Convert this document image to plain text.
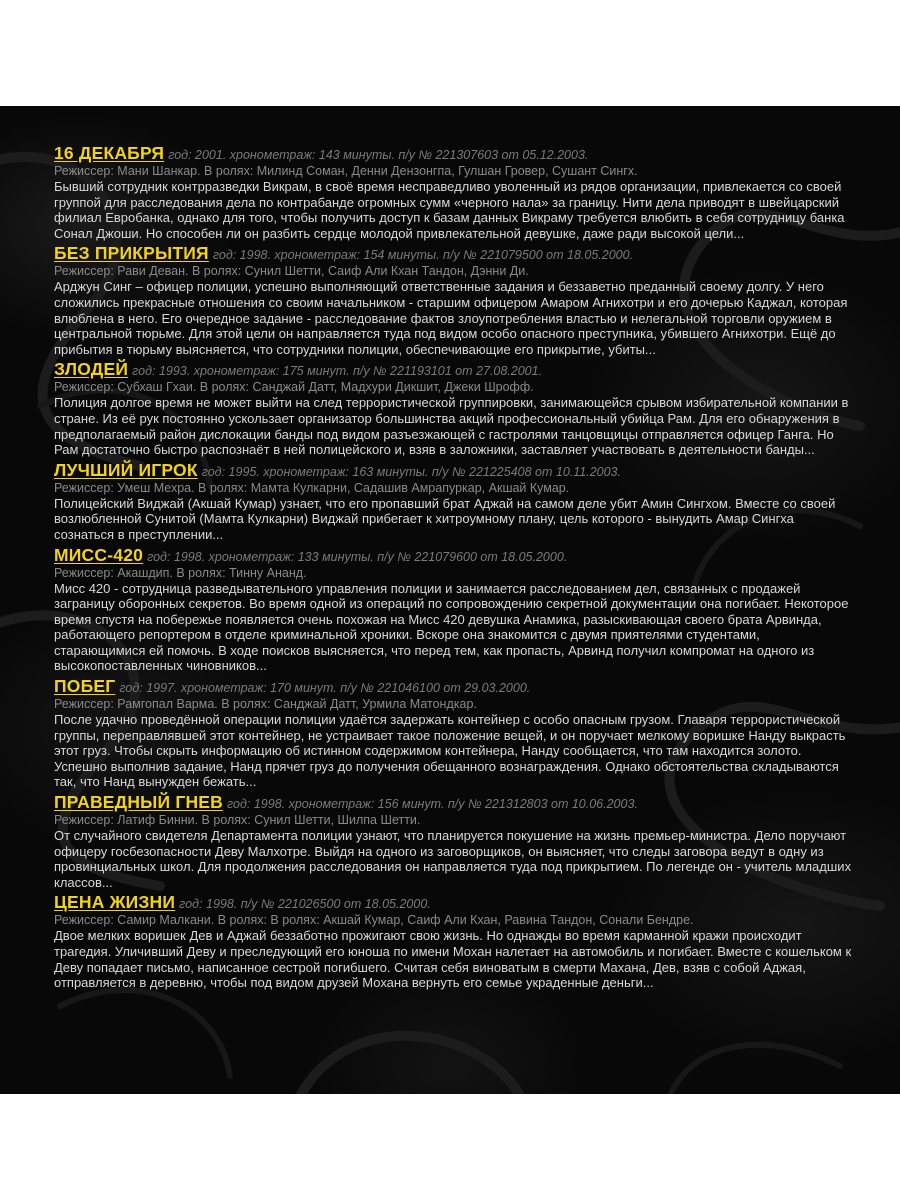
16 ДЕКАБРЯ год: 2001. хронометраж: 143 минуты. п/у № 221307603 от 05.12.2003.
Режиссер: Мани Шанкар. В ролях: Милинд Соман, Денни Дензонгпа, Гулшан Гровер, Сушант Сингх.

Бывший сотрудник контрразведки Викрам, в своё время несправедливо уволенный из рядов организации, привлекается со своей группой для расследования дела по контрабанде огромных сумм «черного нала» за границу. Нити дела приводят в швейцарский филиал Евробанка, однако для того, чтобы получить доступ к базам данных Викраму требуется влюбить в себя сотрудницу банка Сонал Джоши. Но способен ли он разбить сердце молодой привлекательной девушке, даже ради высокой цели...

БЕЗ ПРИКРЫТИЯ год: 1998. хронометраж: 154 минуты. п/у № 221079500 от 18.05.2000.
Режиссер: Рави Деван. В ролях: Сунил Шетти, Саиф Али Кхан Тандон, Дэнни Ди.

Арджун Синг – офицер полиции, успешно выполняющий ответственные задания и беззаветно преданный своему долгу. У него сложились прекрасные отношения со своим начальником - старшим офицером Амаром Агнихотри и его дочерью Каджал, которая влюблена в него. Его очередное задание - расследование фактов злоупотребления властью и нелегальной торговли оружием в центральной тюрьме. Для этой цели он направляется туда под видом особо опасного преступника, убившего Агнихотри. Ещё до прибытия в тюрьму выясняется, что сотрудники полиции, обеспечивающие его прикрытие, убиты...

ЗЛОДЕЙ год: 1993. хронометраж: 175 минут. п/у № 221193101 от 27.08.2001.
Режиссер: Субхаш Гхаи. В ролях: Санджай Датт, Мадхури Дикшит, Джеки Шрофф.

Полиция долгое время не может выйти на след террористической группировки, занимающейся срывом избирательной компании в стране. Из её рук постоянно ускользает организатор большинства акций профессиональный убийца Рам. Для его обнаружения в предполагаемый район дислокации банды под видом разъезжающей с гастролями танцовщицы отправляется офицер Ганга. Но Рам достаточно быстро распознаёт в ней полицейского и, взяв в заложники, заставляет участвовать в деятельности банды...

ЛУЧШИЙ ИГРОК год: 1995. хронометраж: 163 минуты. п/у № 221225408 от 10.11.2003.
Режиссер: Умеш Мехра. В ролях: Мамта Кулкарни, Садашив Амрапуркар, Акшай Кумар.

Полицейский Виджай (Акшай Кумар) узнает, что его пропавший брат Аджай на самом деле убит Амин Сингхом. Вместе со своей возлюбленной Сунитой (Мамта Кулкарни) Виджай прибегает к хитроумному плану, цель которого - вынудить Амар Сингха сознаться в преступлении...

МИСС-420 год: 1998. хронометраж: 133 минуты. п/у № 221079600 от 18.05.2000.
Режиссер: Акашдип. В ролях: Тинну Ананд.

Мисс 420 - сотрудница разведывательного управления полиции и занимается расследованием дел, связанных с продажей заграницу оборонных секретов. Во время одной из операций по сопровождению секретной документации она погибает. Некоторое время спустя на побережье появляется очень похожая на Мисс 420 девушка Анамика, разыскивающая своего брата Арвинда, работающего репортером в отделе криминальной хроники. Вскоре она знакомится с двумя приятелями студентами, старающимися ей помочь. В ходе поисков выясняется, что перед тем, как пропасть, Арвинд получил компромат на одного из высокопоставленных чиновников...

ПОБЕГ год: 1997. хронометраж: 170 минут. п/у № 221046100 от 29.03.2000.
Режиссер: Рамгопал Варма. В ролях: Санджай Датт, Урмила Матондкар.

После удачно проведённой операции полиции удаётся задержать контейнер с особо опасным грузом. Главаря террористической группы, переправлявшей этот контейнер, не устраивает такое положение вещей, и он поручает мелкому воришке Нанду выкрасть этот груз. Чтобы скрыть информацию об истинном содержимом контейнера, Нанду сообщается, что там находится золото. Успешно выполнив задание, Нанд прячет груз до получения обещанного вознаграждения. Однако обстоятельства складываются так, что Нанд вынужден бежать...

ПРАВЕДНЫЙ ГНЕВ год: 1998. хронометраж: 156 минут. п/у № 221312803 от 10.06.2003.
Режиссер: Латиф Бинни. В ролях: Сунил Шетти, Шилпа Шетти.

От случайного свидетеля Департамента полиции узнают, что планируется покушение на жизнь премьер-министра. Дело поручают офицеру госбезопасности Деву Малхотре. Выйдя на одного из заговорщиков, он выясняет, что следы заговора ведут в одну из провинциальных школ. Для продолжения расследования он направляется туда под прикрытием. По легенде он - учитель младших классов...

ЦЕНА ЖИЗНИ год: 1998. п/у № 221026500 от 18.05.2000.
Режиссер: Самир Малкани. В ролях: В ролях: Акшай Кумар, Саиф Али Кхан, Равина Тандон, Сонали Бендре.

Двое мелких воришек Дев и Аджай беззаботно прожигают свою жизнь. Но однажды во время карманной кражи происходит трагедия. Уличивший Деву и преследующий его юноша по имени Мохан налетает на автомобиль и погибает. Вместе с кошельком к Деву попадает письмо, написанное сестрой погибшего. Считая себя виноватым в смерти Махана, Дев, взяв с собой Аджая, отправляется в деревню, чтобы под видом друзей Мохана вернуть его семье украденные деньги...
